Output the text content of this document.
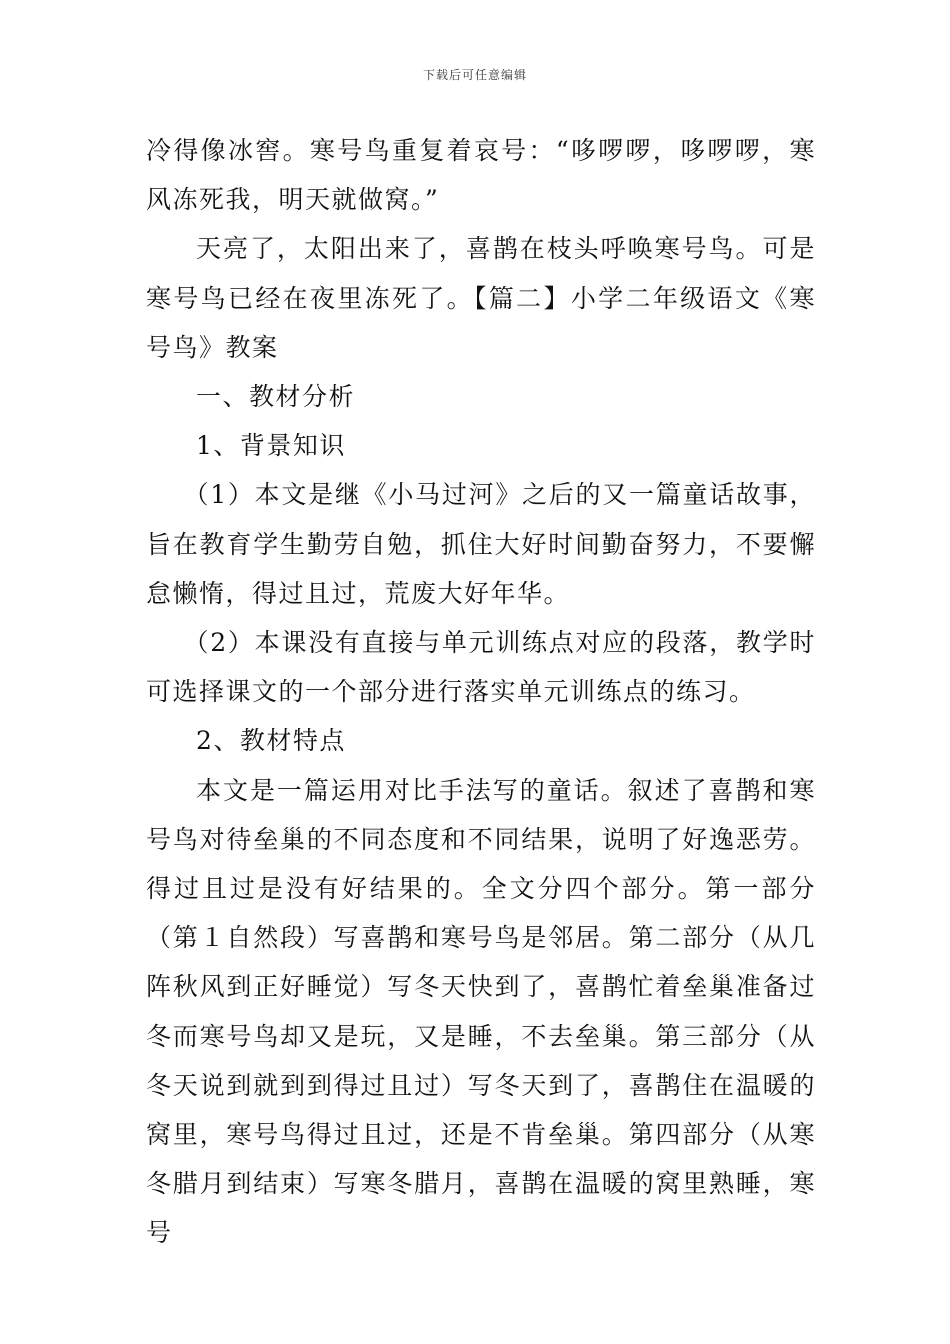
下载后可任意编辑

冷得像冰窖。寒号鸟重复着哀号：“哆啰啰，哆啰啰，寒风冻死我，明天就做窝。”

天亮了，太阳出来了，喜鹊在枝头呼唤寒号鸟。可是寒号鸟已经在夜里冻死了。【篇二】小学二年级语文《寒号鸟》教案

一、教材分析

1、背景知识

（1）本文是继《小马过河》之后的又一篇童话故事，旨在教育学生勤劳自勉，抓住大好时间勤奋努力，不要懈怠懒惰，得过且过，荒废大好年华。

（2）本课没有直接与单元训练点对应的段落，教学时可选择课文的一个部分进行落实单元训练点的练习。

2、教材特点

本文是一篇运用对比手法写的童话。叙述了喜鹊和寒号鸟对待垒巢的不同态度和不同结果，说明了好逸恶劳。得过且过是没有好结果的。全文分四个部分。第一部分（第１自然段）写喜鹊和寒号鸟是邻居。第二部分（从几阵秋风到正好睡觉）写冬天快到了，喜鹊忙着垒巢准备过冬而寒号鸟却又是玩，又是睡，不去垒巢。第三部分（从冬天说到就到到得过且过）写冬天到了，喜鹊住在温暖的窝里，寒号鸟得过且过，还是不肯垒巢。第四部分（从寒冬腊月到结束）写寒冬腊月，喜鹊在温暖的窝里熟睡，寒号
